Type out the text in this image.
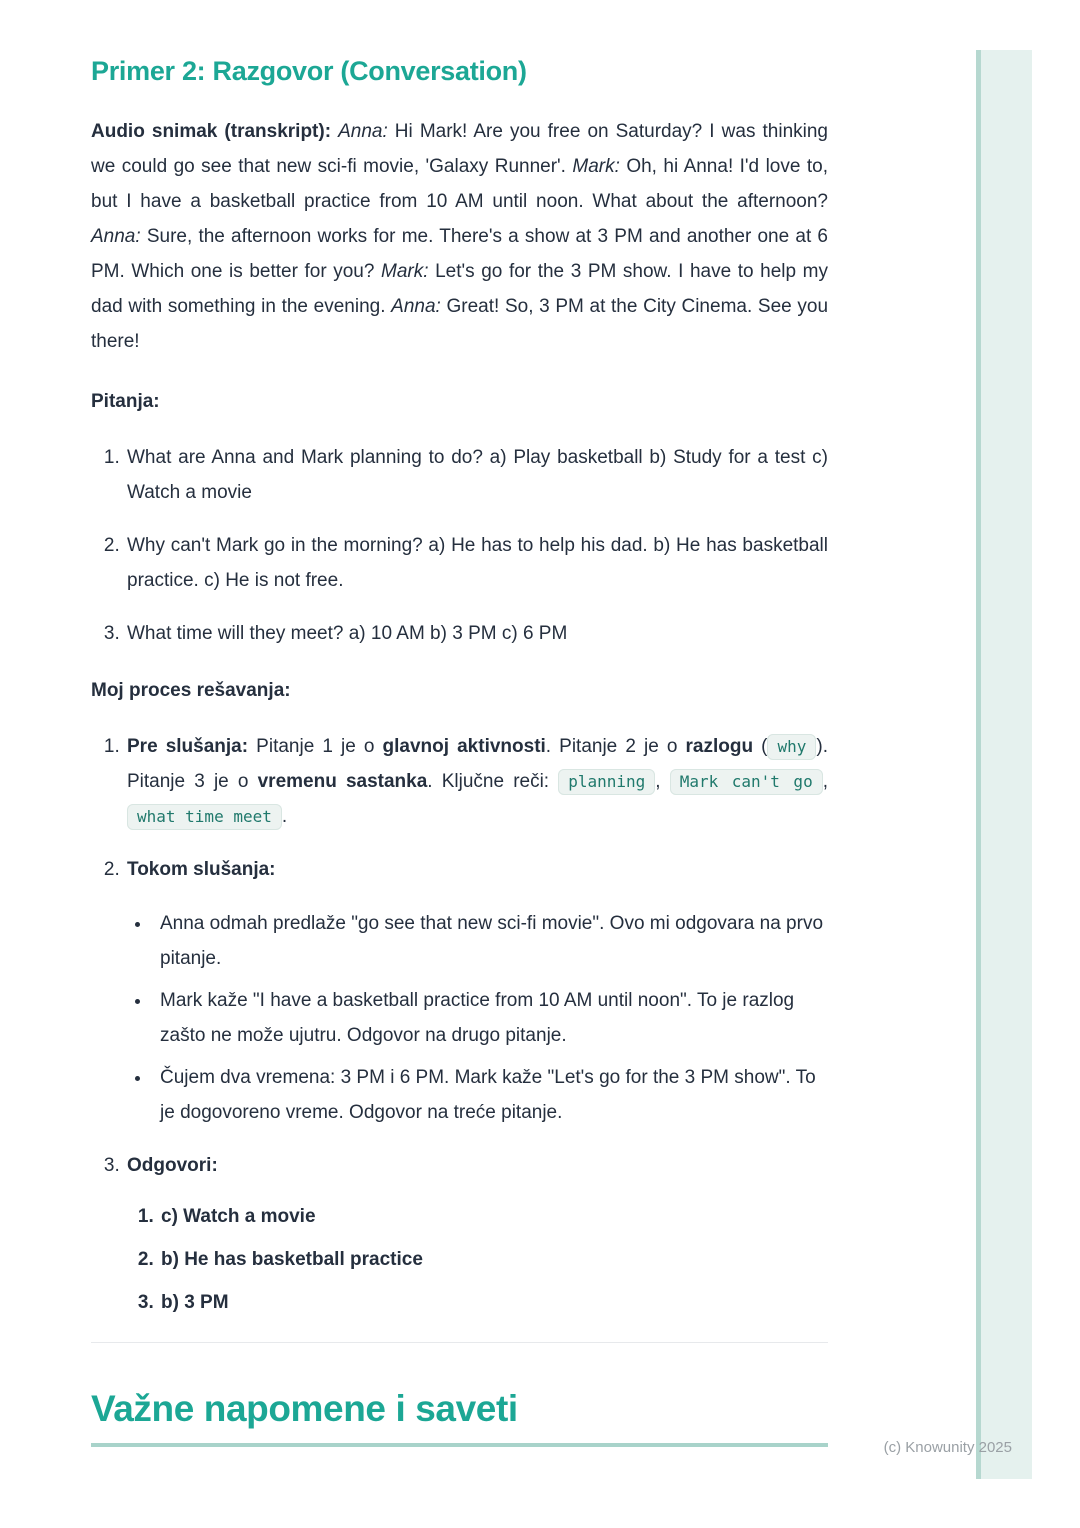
Primer 2: Razgovor (Conversation)

Audio snimak (transkript): Anna: Hi Mark! Are you free on Saturday? I was thinking we could go see that new sci-fi movie, 'Galaxy Runner'. Mark: Oh, hi Anna! I'd love to, but I have a basketball practice from 10 AM until noon. What about the afternoon? Anna: Sure, the afternoon works for me. There's a show at 3 PM and another one at 6 PM. Which one is better for you? Mark: Let's go for the 3 PM show. I have to help my dad with something in the evening. Anna: Great! So, 3 PM at the City Cinema. See you there!

Pitanja:

1. What are Anna and Mark planning to do? a) Play basketball b) Study for a test c) Watch a movie
2. Why can't Mark go in the morning? a) He has to help his dad. b) He has basketball practice. c) He is not free.
3. What time will they meet? a) 10 AM b) 3 PM c) 6 PM

Moj proces rešavanja:

1. Pre slušanja: Pitanje 1 je o glavnoj aktivnosti. Pitanje 2 je o razlogu ( why ). Pitanje 3 je o vremenu sastanka. Ključne reči: planning , Mark can't go , what time meet .
2. Tokom slušanja:
• Anna odmah predlaže "go see that new sci-fi movie". Ovo mi odgovara na prvo pitanje.
• Mark kaže "I have a basketball practice from 10 AM until noon". To je razlog zašto ne može ujutru. Odgovor na drugo pitanje.
• Čujem dva vremena: 3 PM i 6 PM. Mark kaže "Let's go for the 3 PM show". To je dogovoreno vreme. Odgovor na treće pitanje.
3. Odgovori:
1. c) Watch a movie
2. b) He has basketball practice
3. b) 3 PM
Važne napomene i saveti
(c) Knowunity 2025
